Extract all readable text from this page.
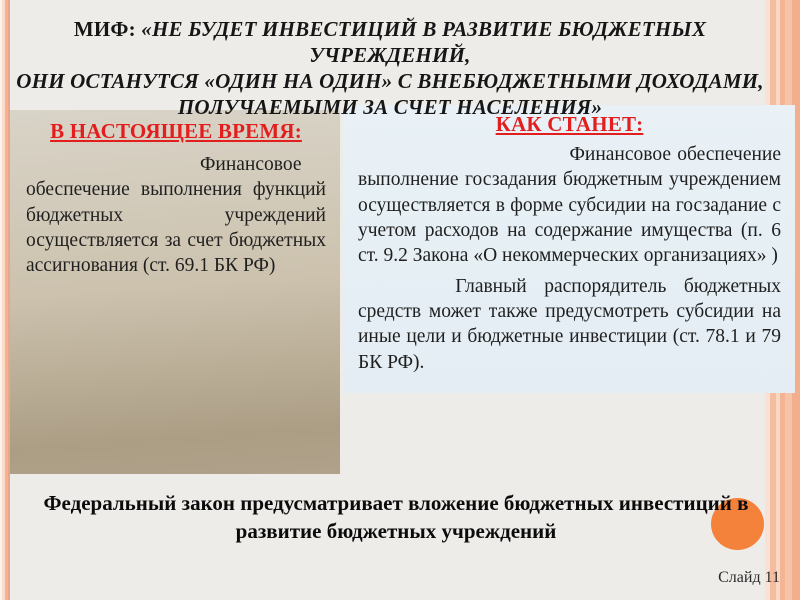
МИФ: «НЕ БУДЕТ ИНВЕСТИЦИЙ В РАЗВИТИЕ БЮДЖЕТНЫХ УЧРЕЖДЕНИЙ,
ОНИ ОСТАНУТСЯ «ОДИН НА ОДИН» С ВНЕБЮДЖЕТНЫМИ ДОХОДАМИ,
ПОЛУЧАЕМЫМИ ЗА СЧЕТ НАСЕЛЕНИЯ»
В НАСТОЯЩЕЕ ВРЕМЯ:

Финансовое обеспечение выполнения функций бюджетных учреждений осуществляется за счет бюджетных ассигнования (ст. 69.1 БК РФ)

КАК СТАНЕТ:

Финансовое обеспечение выполнение госзадания бюджетным учреждением осуществляется в форме субсидии на госзадание с учетом расходов на содержание имущества (п. 6 ст. 9.2 Закона «О некоммерческих организациях» )

Главный распорядитель бюджетных средств может также предусмотреть субсидии на иные цели и бюджетные инвестиции (ст. 78.1 и 79 БК РФ).

Федеральный закон предусматривает вложение бюджетных инвестиций в
развитие бюджетных учреждений
Слайд 11
